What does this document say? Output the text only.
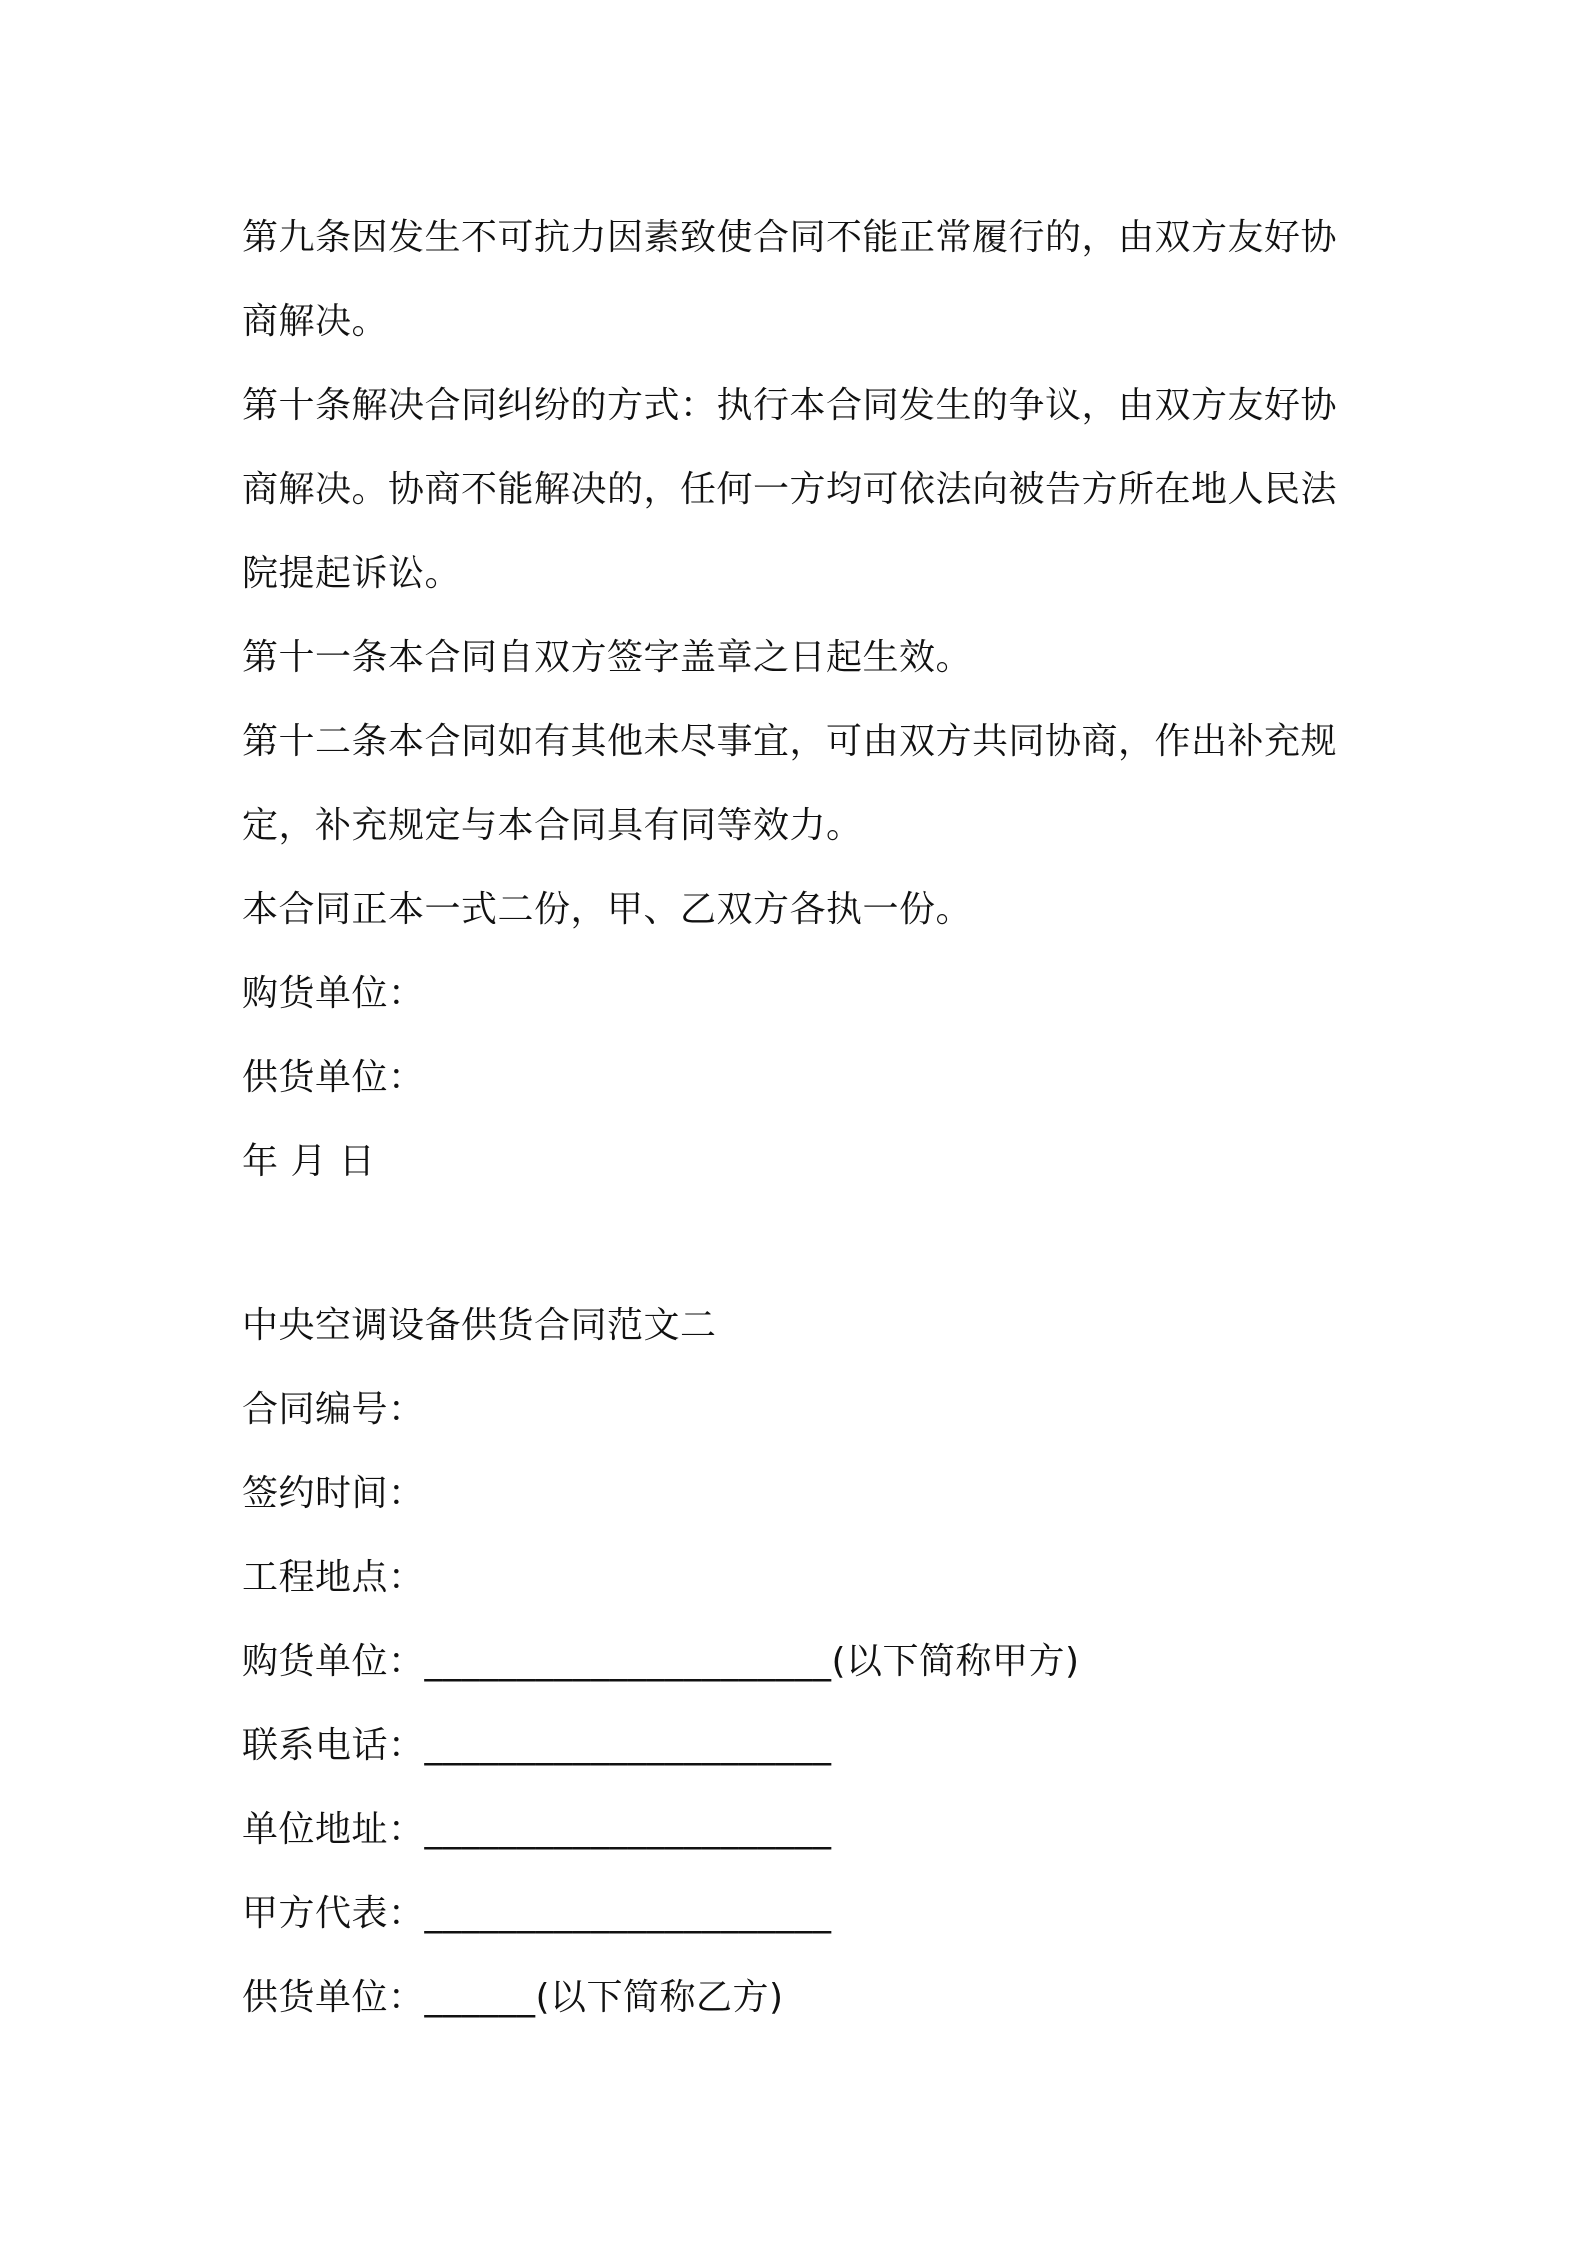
第九条因发生不可抗力因素致使合同不能正常履行的，由双方友好协
商解决。
第十条解决合同纠纷的方式：执行本合同发生的争议，由双方友好协
商解决。协商不能解决的，任何一方均可依法向被告方所在地人民法
院提起诉讼。
第十一条本合同自双方签字盖章之日起生效。
第十二条本合同如有其他未尽事宜，可由双方共同协商，作出补充规
定，补充规定与本合同具有同等效力。
本合同正本一式二份，甲、乙双方各执一份。
购货单位：
供货单位：
年 月 日
中央空调设备供货合同范文二
合同编号：
签约时间：
工程地点：
购货单位：______________________(以下简称甲方)
联系电话：______________________
单位地址：______________________
甲方代表：______________________
供货单位：______(以下简称乙方)
